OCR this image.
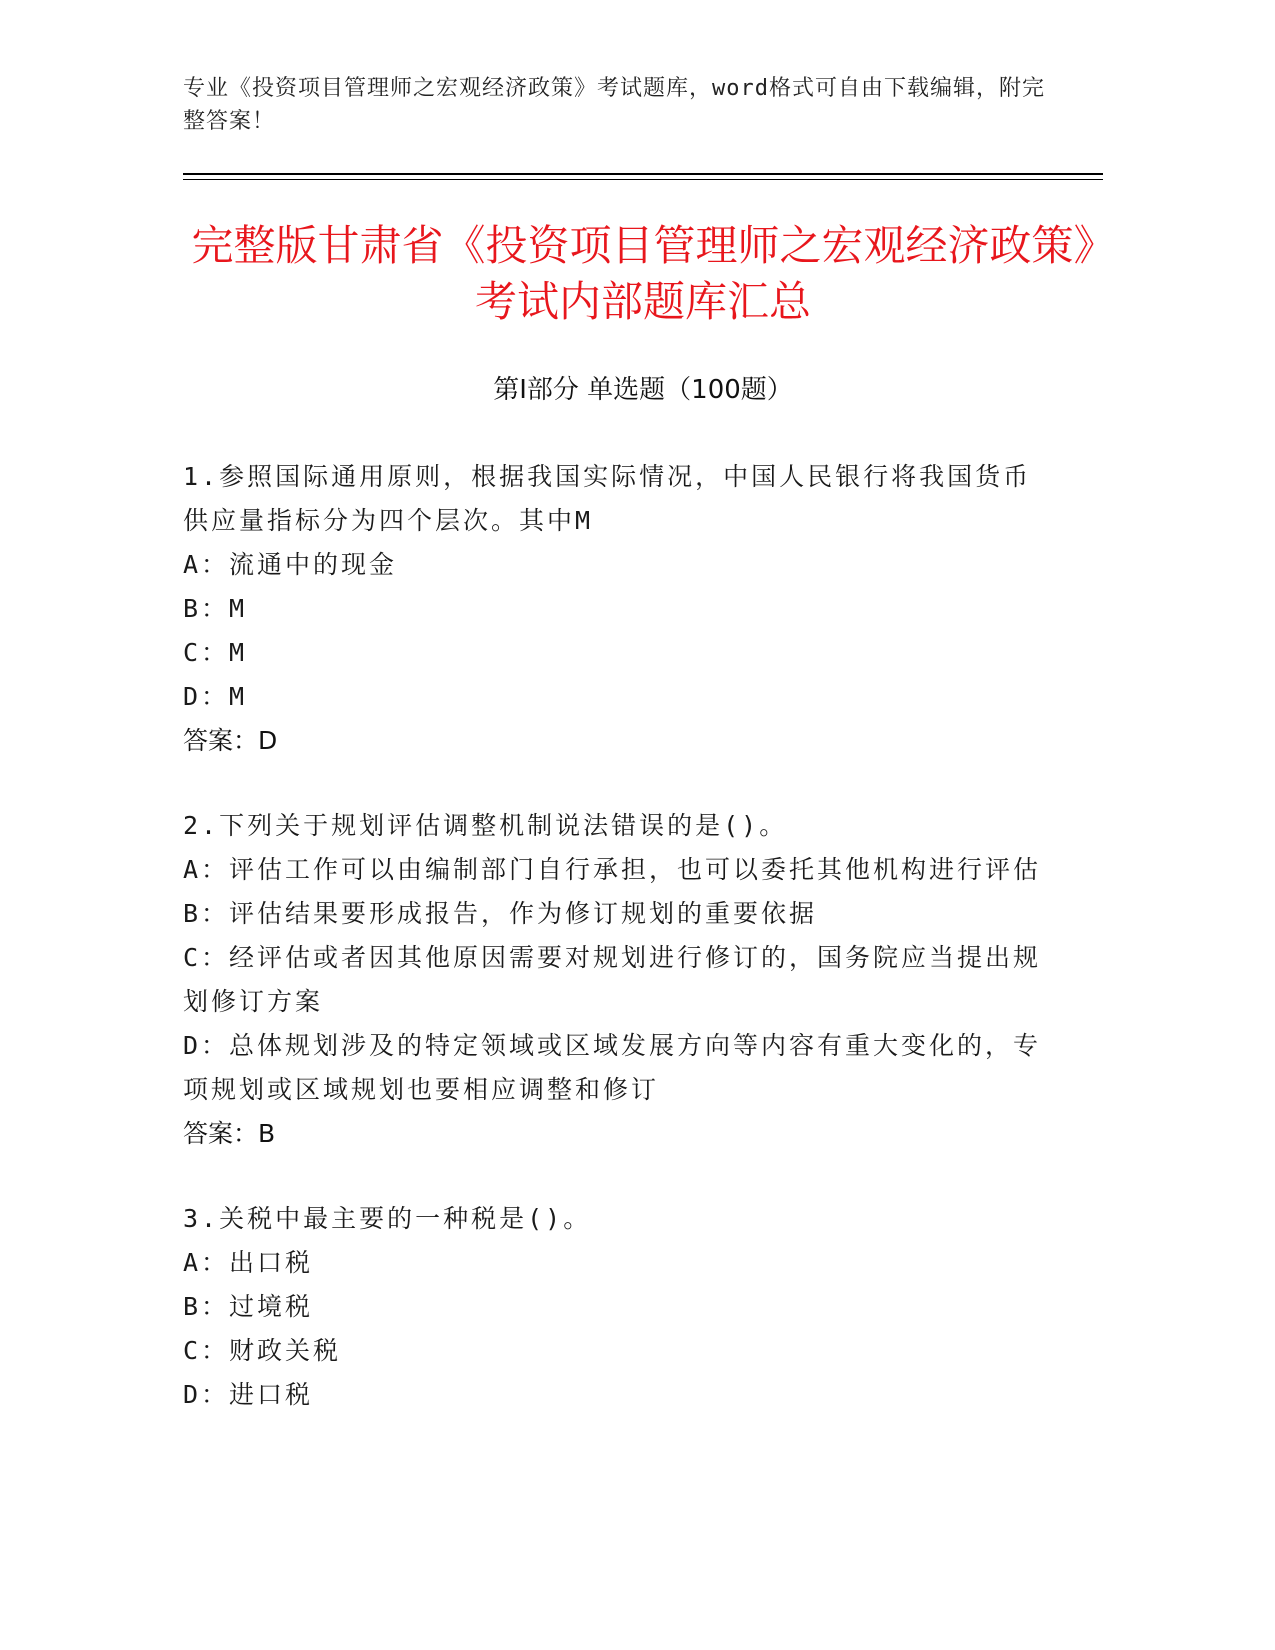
专业《投资项目管理师之宏观经济政策》考试题库，word格式可自由下载编辑，附完整答案！
完整版甘肃省《投资项目管理师之宏观经济政策》考试内部题库汇总
第I部分 单选题（100题）
1.参照国际通用原则，根据我国实际情况，中国人民银行将我国货币供应量指标分为四个层次。其中M
A：流通中的现金
B：M
C：M
D：M
答案：D
2.下列关于规划评估调整机制说法错误的是()。
A：评估工作可以由编制部门自行承担，也可以委托其他机构进行评估
B：评估结果要形成报告，作为修订规划的重要依据
C：经评估或者因其他原因需要对规划进行修订的，国务院应当提出规划修订方案
D：总体规划涉及的特定领域或区域发展方向等内容有重大变化的，专项规划或区域规划也要相应调整和修订
答案：B
3.关税中最主要的一种税是()。
A：出口税
B：过境税
C：财政关税
D：进口税
